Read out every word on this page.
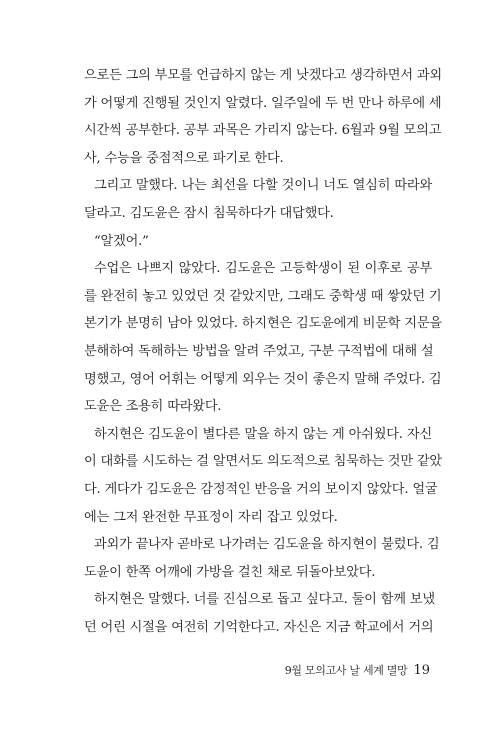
으로든 그의 부모를 언급하지 않는 게 낫겠다고 생각하면서 과외
가 어떻게 진행될 것인지 알렸다. 일주일에 두 번 만나 하루에 세
시간씩 공부한다. 공부 과목은 가리지 않는다. 6월과 9월 모의고
사, 수능을 중점적으로 파기로 한다.
그리고 말했다. 나는 최선을 다할 것이니 너도 열심히 따라와
달라고. 김도윤은 잠시 침묵하다가 대답했다.
“알겠어.”
수업은 나쁘지 않았다. 김도윤은 고등학생이 된 이후로 공부
를 완전히 놓고 있었던 것 같았지만, 그래도 중학생 때 쌓았던 기
본기가 분명히 남아 있었다. 하지현은 김도윤에게 비문학 지문을
분해하여 독해하는 방법을 알려 주었고, 구분 구적법에 대해 설
명했고, 영어 어휘는 어떻게 외우는 것이 좋은지 말해 주었다. 김
도윤은 조용히 따라왔다.
하지현은 김도윤이 별다른 말을 하지 않는 게 아쉬웠다. 자신
이 대화를 시도하는 걸 알면서도 의도적으로 침묵하는 것만 같았
다. 게다가 김도윤은 감정적인 반응을 거의 보이지 않았다. 얼굴
에는 그저 완전한 무표정이 자리 잡고 있었다.
과외가 끝나자 곧바로 나가려는 김도윤을 하지현이 불렀다. 김
도윤이 한쪽 어깨에 가방을 걸친 채로 뒤돌아보았다.
하지현은 말했다. 너를 진심으로 돕고 싶다고. 둘이 함께 보냈
던 어린 시절을 여전히 기억한다고. 자신은 지금 학교에서 거의
9월 모의고사 날 세계 멸망 19
